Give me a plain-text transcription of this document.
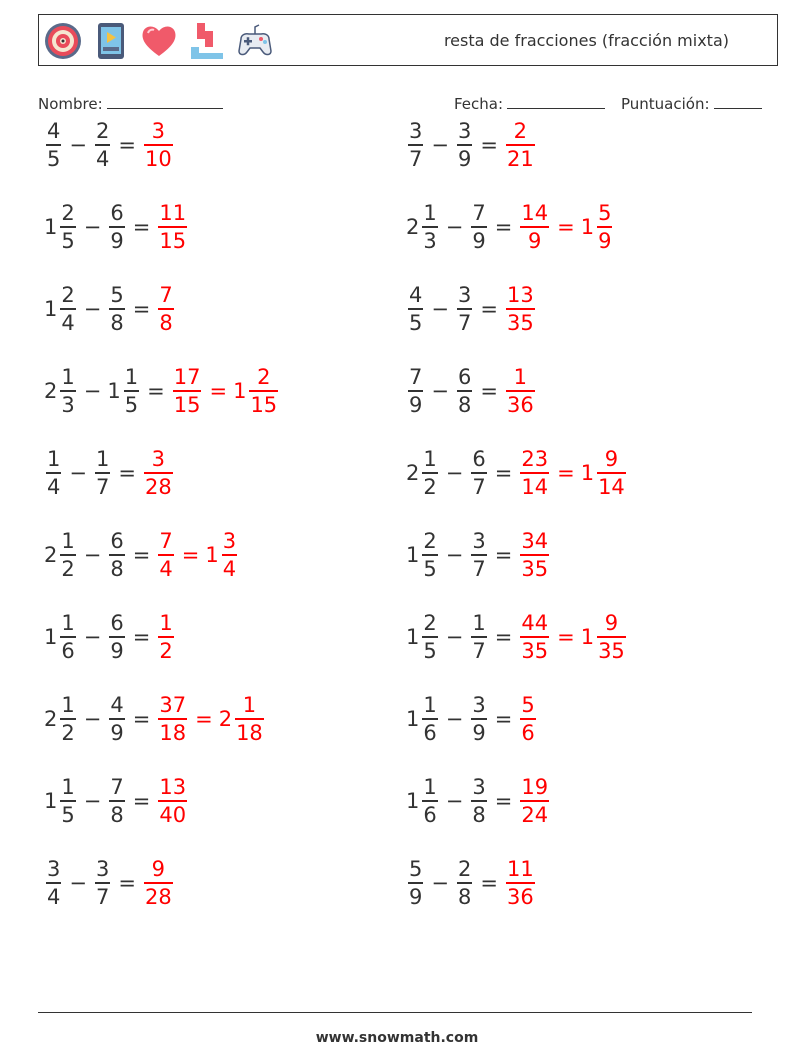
resta de fracciones (fracción mixta)
Nombre:	Fecha:	Puntuación:
$\frac{4}{5} - \frac{2}{4} = \frac{3}{10}$	$\frac{3}{7} - \frac{3}{9} = \frac{2}{21}$
$1 \frac{2}{5} - \frac{6}{9} = \frac{11}{15}$	$2 \frac{1}{3} - \frac{7}{9} = \frac{14}{9} = 1 \frac{5}{9}$
$1 \frac{2}{4} - \frac{5}{8} = \frac{7}{8}$	$\frac{4}{5} - \frac{3}{7} = \frac{13}{35}$
$2 \frac{1}{3} - 1 \frac{1}{5} = \frac{17}{15} = 1 \frac{2}{15}$	$\frac{7}{9} - \frac{6}{8} = \frac{1}{36}$
$\frac{1}{4} - \frac{1}{7} = \frac{3}{28}$	$2 \frac{1}{2} - \frac{6}{7} = \frac{23}{14} = 1 \frac{9}{14}$
$2 \frac{1}{2} - \frac{6}{8} = \frac{7}{4} = 1 \frac{3}{4}$	$1 \frac{2}{5} - \frac{3}{7} = \frac{34}{35}$
$1 \frac{1}{6} - \frac{6}{9} = \frac{1}{2}$	$1 \frac{2}{5} - \frac{1}{7} = \frac{44}{35} = 1 \frac{9}{35}$
$2 \frac{1}{2} - \frac{4}{9} = \frac{37}{18} = 2 \frac{1}{18}$	$1 \frac{1}{6} - \frac{3}{9} = \frac{5}{6}$
$1 \frac{1}{5} - \frac{7}{8} = \frac{13}{40}$	$1 \frac{1}{6} - \frac{3}{8} = \frac{19}{24}$
$\frac{3}{4} - \frac{3}{7} = \frac{9}{28}$	$\frac{5}{9} - \frac{2}{8} = \frac{11}{36}$
www.snowmath.com
